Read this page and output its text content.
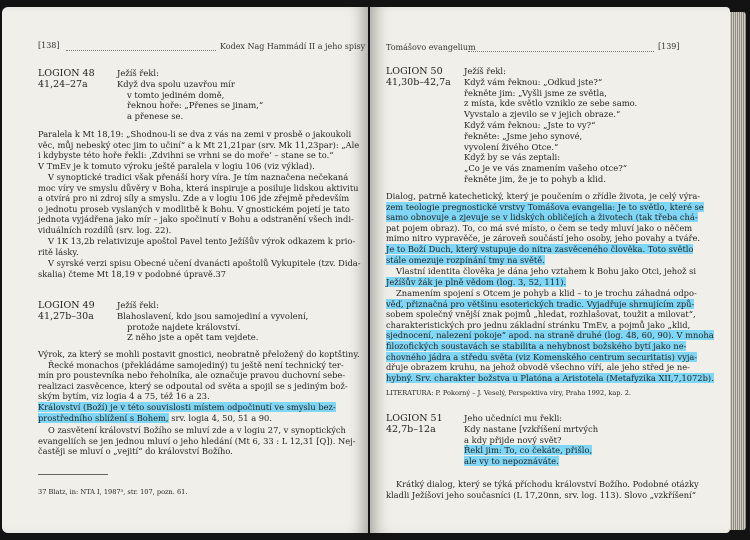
[138]	Kodex Nag Hammádí II a jeho spisy
LOGION 48
41,24–27a
Ježíš řekl:
Když dva spolu uzavřou mír
v tomto jediném domě,
řeknou hoře: „Přenes se jinam,“
a přenese se.
Paralela k Mt 18,19: „Shodnou-li se dva z vás na zemi v prosbě o jakoukoli
věc, můj nebeský otec jim to učiní“ a k Mt 21,21par (srv. Mk 11,23par): „Ale
i kdybyste této hoře řekli: ‚Zdvihni se vrhni se do moře‘ – stane se to.“
V TmEv je k tomuto výroku ještě paralela v logiu 106 (viz výklad).
V synoptické tradici však přenáší hory víra. Je tím naznačena nečekaná
moc víry ve smyslu důvěry v Boha, která inspiruje a posiluje lidskou aktivitu
a otvírá pro ni zdroj síly a smyslu. Zde a v logiu 106 jde zřejmě především
o jednotu proseb vyslaných v modlitbě k Bohu. V gnostickém pojetí je tato
jednota vyjádřena jako mír – jako spočinutí v Bohu a odstranění všech indi-
viduálních rozdílů (srv. log. 22).
V 1K 13,2b relativizuje apoštol Pavel tento Ježíšův výrok odkazem k prio-
ritě lásky.
V syrské verzi spisu Obecné učení dvanácti apoštolů Vykupitele (tzv. Dida-
skalia) čteme Mt 18,19 v podobné úpravě.37
LOGION 49
41,27b–30a
Ježíš řekl:
Blahoslavení, kdo jsou samojediní a vyvolení,
protože najdete království.
Z něho jste a opět tam vejdete.
Výrok, za který se mohli postavit gnostici, neobratně přeložený do koptštiny.
Řecké monachos (překládáme samojediný) tu ještě není technický ter-
mín pro poustevníka nebo řeholníka, ale označuje pravou duchovní sebe-
realizaci zasvěcence, který se odpoutal od světa a spojil se s jediným bož-
ským bytím, viz logia 4 a 75, též 16 a 23.
Království (Boží) je v této souvislosti místem odpočinutí ve smyslu bez-
prostředního sblížení s Bohem, srv. logia 4, 50, 51 a 90.
O zasvětení království Božího se mluví zde a v logiu 27, v synoptických
evangeliích se jen jednou mluví o jeho hledání (Mt 6, 33 : L 12,31 [Q]). Nej-
častěji se mluví o „vejití“ do království Božího.
37 Blatz, in: NTA I, 1987⁵, str. 107, pozn. 61.
Tomášovo evangelium	[139]
LOGION 50
41,30b–42,7a
Ježíš řekl:
Když vám řeknou: „Odkud jste?“
řekněte jim: „Vyšli jsme ze světla,
z místa, kde světlo vzniklo ze sebe samo.
Vyvstalo a zjevilo se v jejich obraze.“
Když vám řeknou: „Jste to vy?“
řekněte: „Jsme jeho synové,
vyvolení živého Otce.“
Když by se vás zeptali:
„Co je ve vás znamením vašeho otce?“
řekněte jim, že je to pohyb a klid.
Dialog, patrně katechetický, který je poučením o zřídle života, je celý výra-
zem teologie pregnostické vrstvy Tomášova evangelia: Je to světlo, které se
samo obnovuje a zjevuje se v lidských obličejích a životech (tak třeba chá-
pat pojem obraz). To, co má své místo, o čem se tedy mluví jako o něčem
mimo nitro vypravěče, je zároveň součástí jeho osoby, jeho povahy a tváře.
Je to Boží Duch, který vstupuje do nitra zasvěceného člověka. Toto světlo
stále omezuje rozpínání tmy na světě.
Vlastní identita člověka je dána jeho vztahem k Bohu jako Otci, jehož si
Ježíšův žák je plně vědom (log. 3, 52, 111).
Znamením spojení s Otcem je pohyb a klid – to je trochu záhadná odpo-
věď, přiznačná pro většinu esoterických tradic. Vyjadřuje shrnujícím způ-
sobem společný vnější znak pojmů „hledat, rozhlašovat, toužit a milovat“,
charakteristických pro jednu základní stránku TmEv, a pojmů jako „klid,
sjednocení, nalezení pokoje“ apod. na straně druhé (log. 48, 60, 90). V mnoha
filozofických soustavách se stabilita a nehybnost božského bytí jako ne-
chovného jádra a středu světa (viz Komenského centrum securitatis) vyja-
dřuje obrazem kruhu, na jehož obvodě všechno víří, ale jeho střed je ne-
hybný. Srv. charakter božstva u Platóna a Aristotela (Metafyzika XII,7,1072b).
LITERATURA: P. Pokorný – J. Veselý, Perspektiva víry, Praha 1992, kap. 2.
LOGION 51
42,7b–12a
Jeho učedníci mu řekli:
Kdy nastane [vzkříšení mrtvých
a kdy přijde nový svět?
Řekl jim: To, co čekáte, přišlo,
ale vy to nepoznáváte.
Krátký dialog, který se týká příchodu království Božího. Podobné otázky
kladli Ježíšovi jeho současníci (L 17,20nn, srv. log. 113). Slovo „vzkříšení“
